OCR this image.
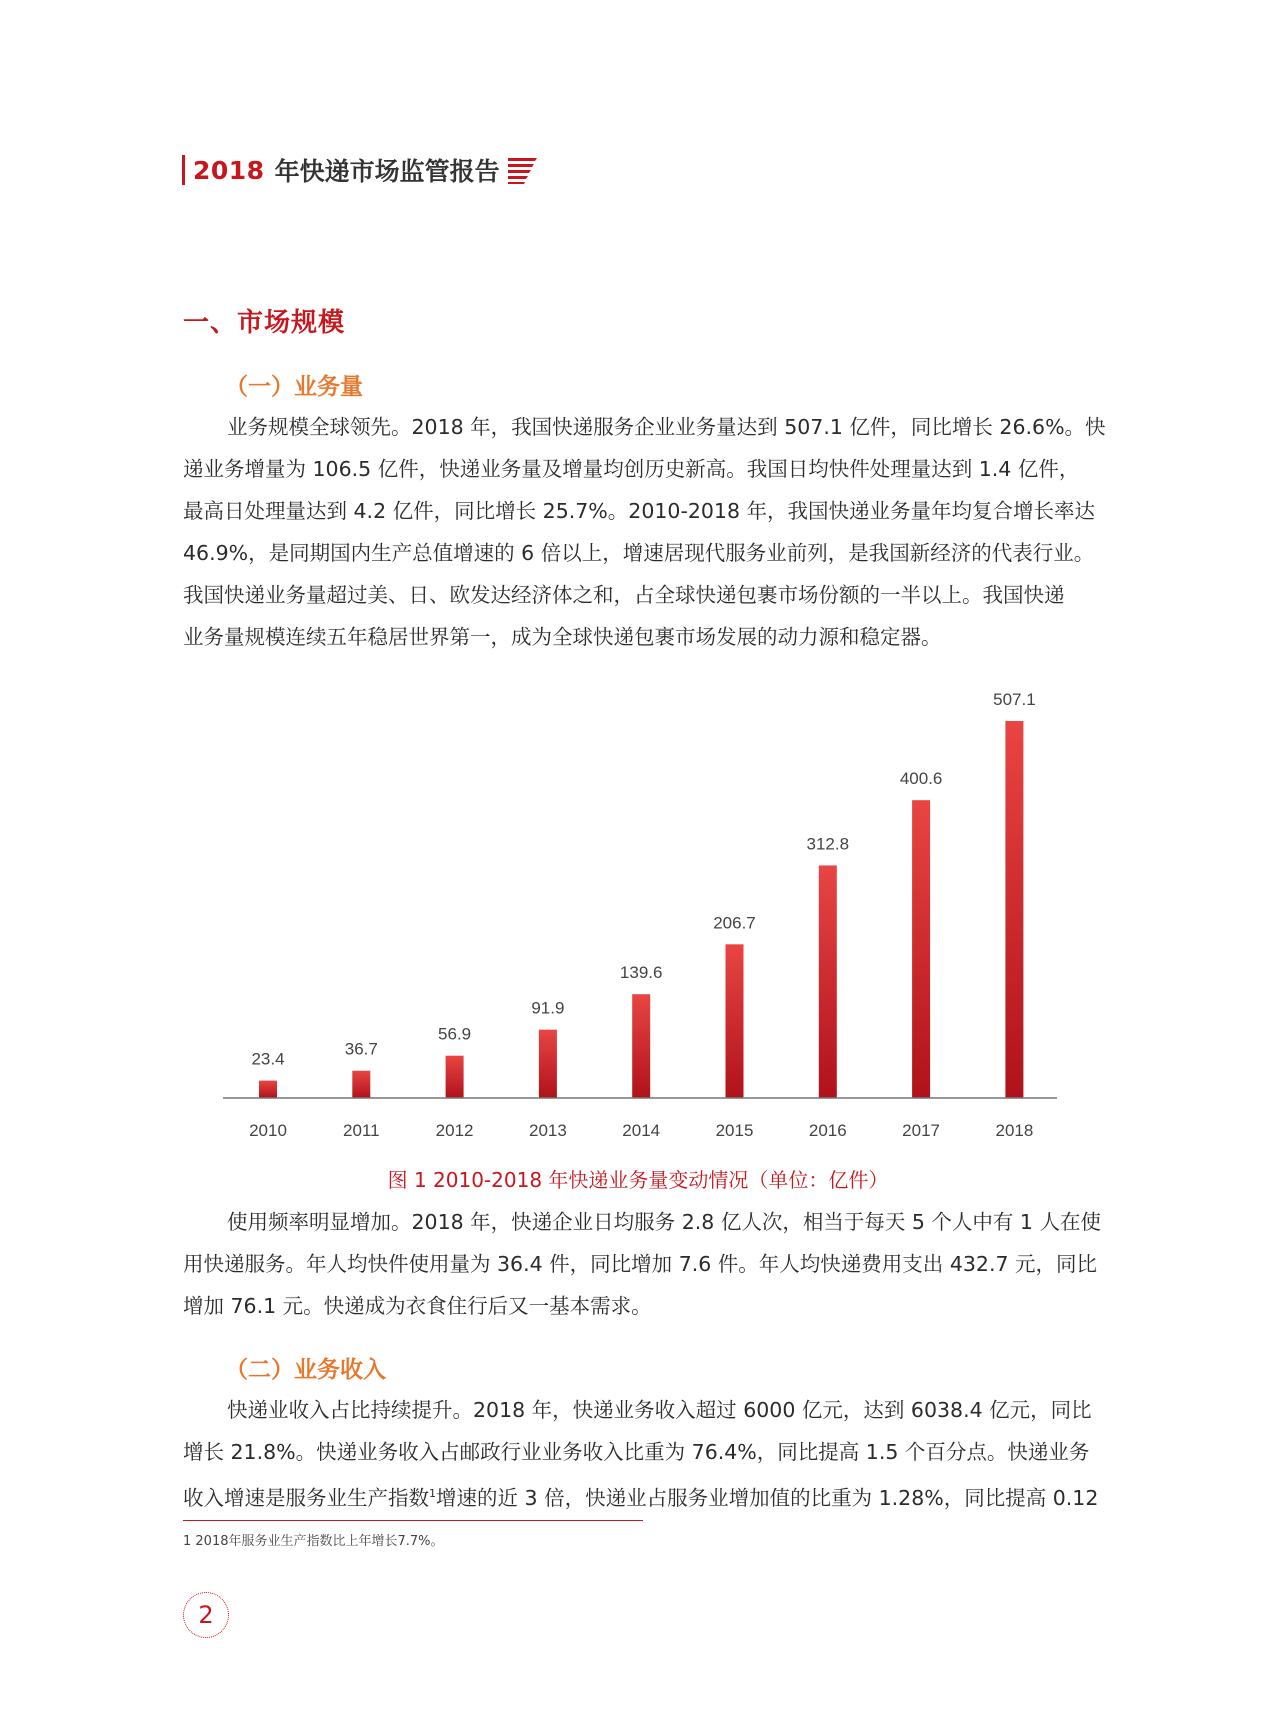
2018 年快递市场监管报告
一、市场规模
（一）业务量
业务规模全球领先。2018 年，我国快递服务企业业务量达到 507.1 亿件，同比增长 26.6%。快
递业务增量为 106.5 亿件，快递业务量及增量均创历史新高。我国日均快件处理量达到 1.4 亿件，
最高日处理量达到 4.2 亿件，同比增长 25.7%。2010-2018 年，我国快递业务量年均复合增长率达
46.9%，是同期国内生产总值增速的 6 倍以上，增速居现代服务业前列，是我国新经济的代表行业。
我国快递业务量超过美、日、欧发达经济体之和，占全球快递包裹市场份额的一半以上。我国快递
业务量规模连续五年稳居世界第一，成为全球快递包裹市场发展的动力源和稳定器。
23.4
2010
36.7
2011
56.9
2012
91.9
2013
139.6
2014
206.7
2015
312.8
2016
400.6
2017
507.1
2018
图 1 2010-2018 年快递业务量变动情况（单位：亿件）
使用频率明显增加。2018 年，快递企业日均服务 2.8 亿人次，相当于每天 5 个人中有 1 人在使
用快递服务。年人均快件使用量为 36.4 件，同比增加 7.6 件。年人均快递费用支出 432.7 元，同比
增加 76.1 元。快递成为衣食住行后又一基本需求。
（二）业务收入
快递业收入占比持续提升。2018 年，快递业务收入超过 6000 亿元，达到 6038.4 亿元，同比
增长 21.8%。快递业务收入占邮政行业业务收入比重为 76.4%，同比提高 1.5 个百分点。快递业务
收入增速是服务业生产指数$^1$增速的近 3 倍，快递业占服务业增加值的比重为 1.28%，同比提高 0.12
1 2018年服务业生产指数比上年增长7.7%。
2
